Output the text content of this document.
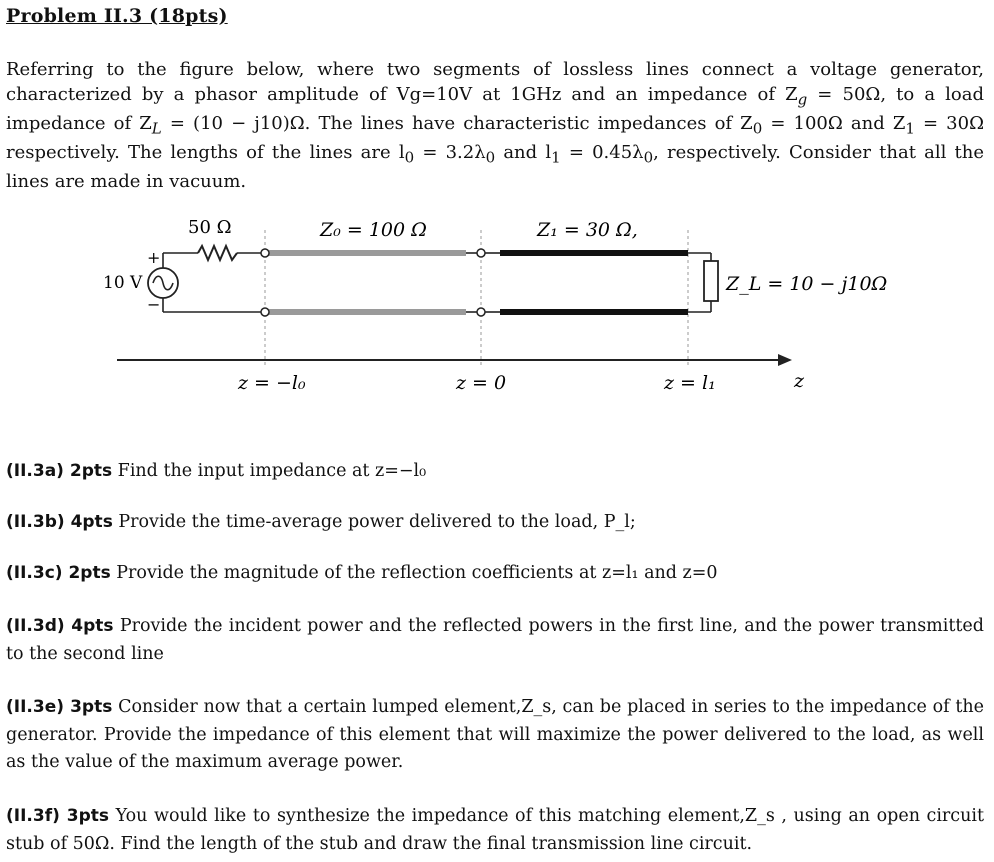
Problem II.3 (18pts)
Referring to the figure below, where two segments of lossless lines connect a voltage generator, characterized by a phasor amplitude of Vg=10V at 1GHz and an impedance of $Z_g = 50\Omega$, to a load impedance of $Z_L = (10 - j10)\Omega$. The lines have characteristic impedances of $Z_0 = 100\Omega$ and $Z_1 = 30\Omega$ respectively. The lengths of the lines are $l_0 = 3.2\lambda_0$ and $l_1 = 0.45\lambda_0$, respectively. Consider that all the lines are made in vacuum.
50 Ω	Z₀ = 100 Ω	Z₁ = 30 Ω,
10 V
+
−
Z_L = 10 − j10Ω
z = −l₀	z = 0	z = l₁	z
(II.3a) 2pts Find the input impedance at z=−l₀
(II.3b) 4pts Provide the time-average power delivered to the load, P_l;
(II.3c) 2pts Provide the magnitude of the reflection coefficients at z=l₁ and z=0
(II.3d) 4pts Provide the incident power and the reflected powers in the first line, and the power transmitted to the second line
(II.3e) 3pts Consider now that a certain lumped element,Z_s, can be placed in series to the impedance of the generator. Provide the impedance of this element that will maximize the power delivered to the load, as well as the value of the maximum average power.
(II.3f) 3pts You would like to synthesize the impedance of this matching element,Z_s , using an open circuit stub of 50Ω. Find the length of the stub and draw the final transmission line circuit.
